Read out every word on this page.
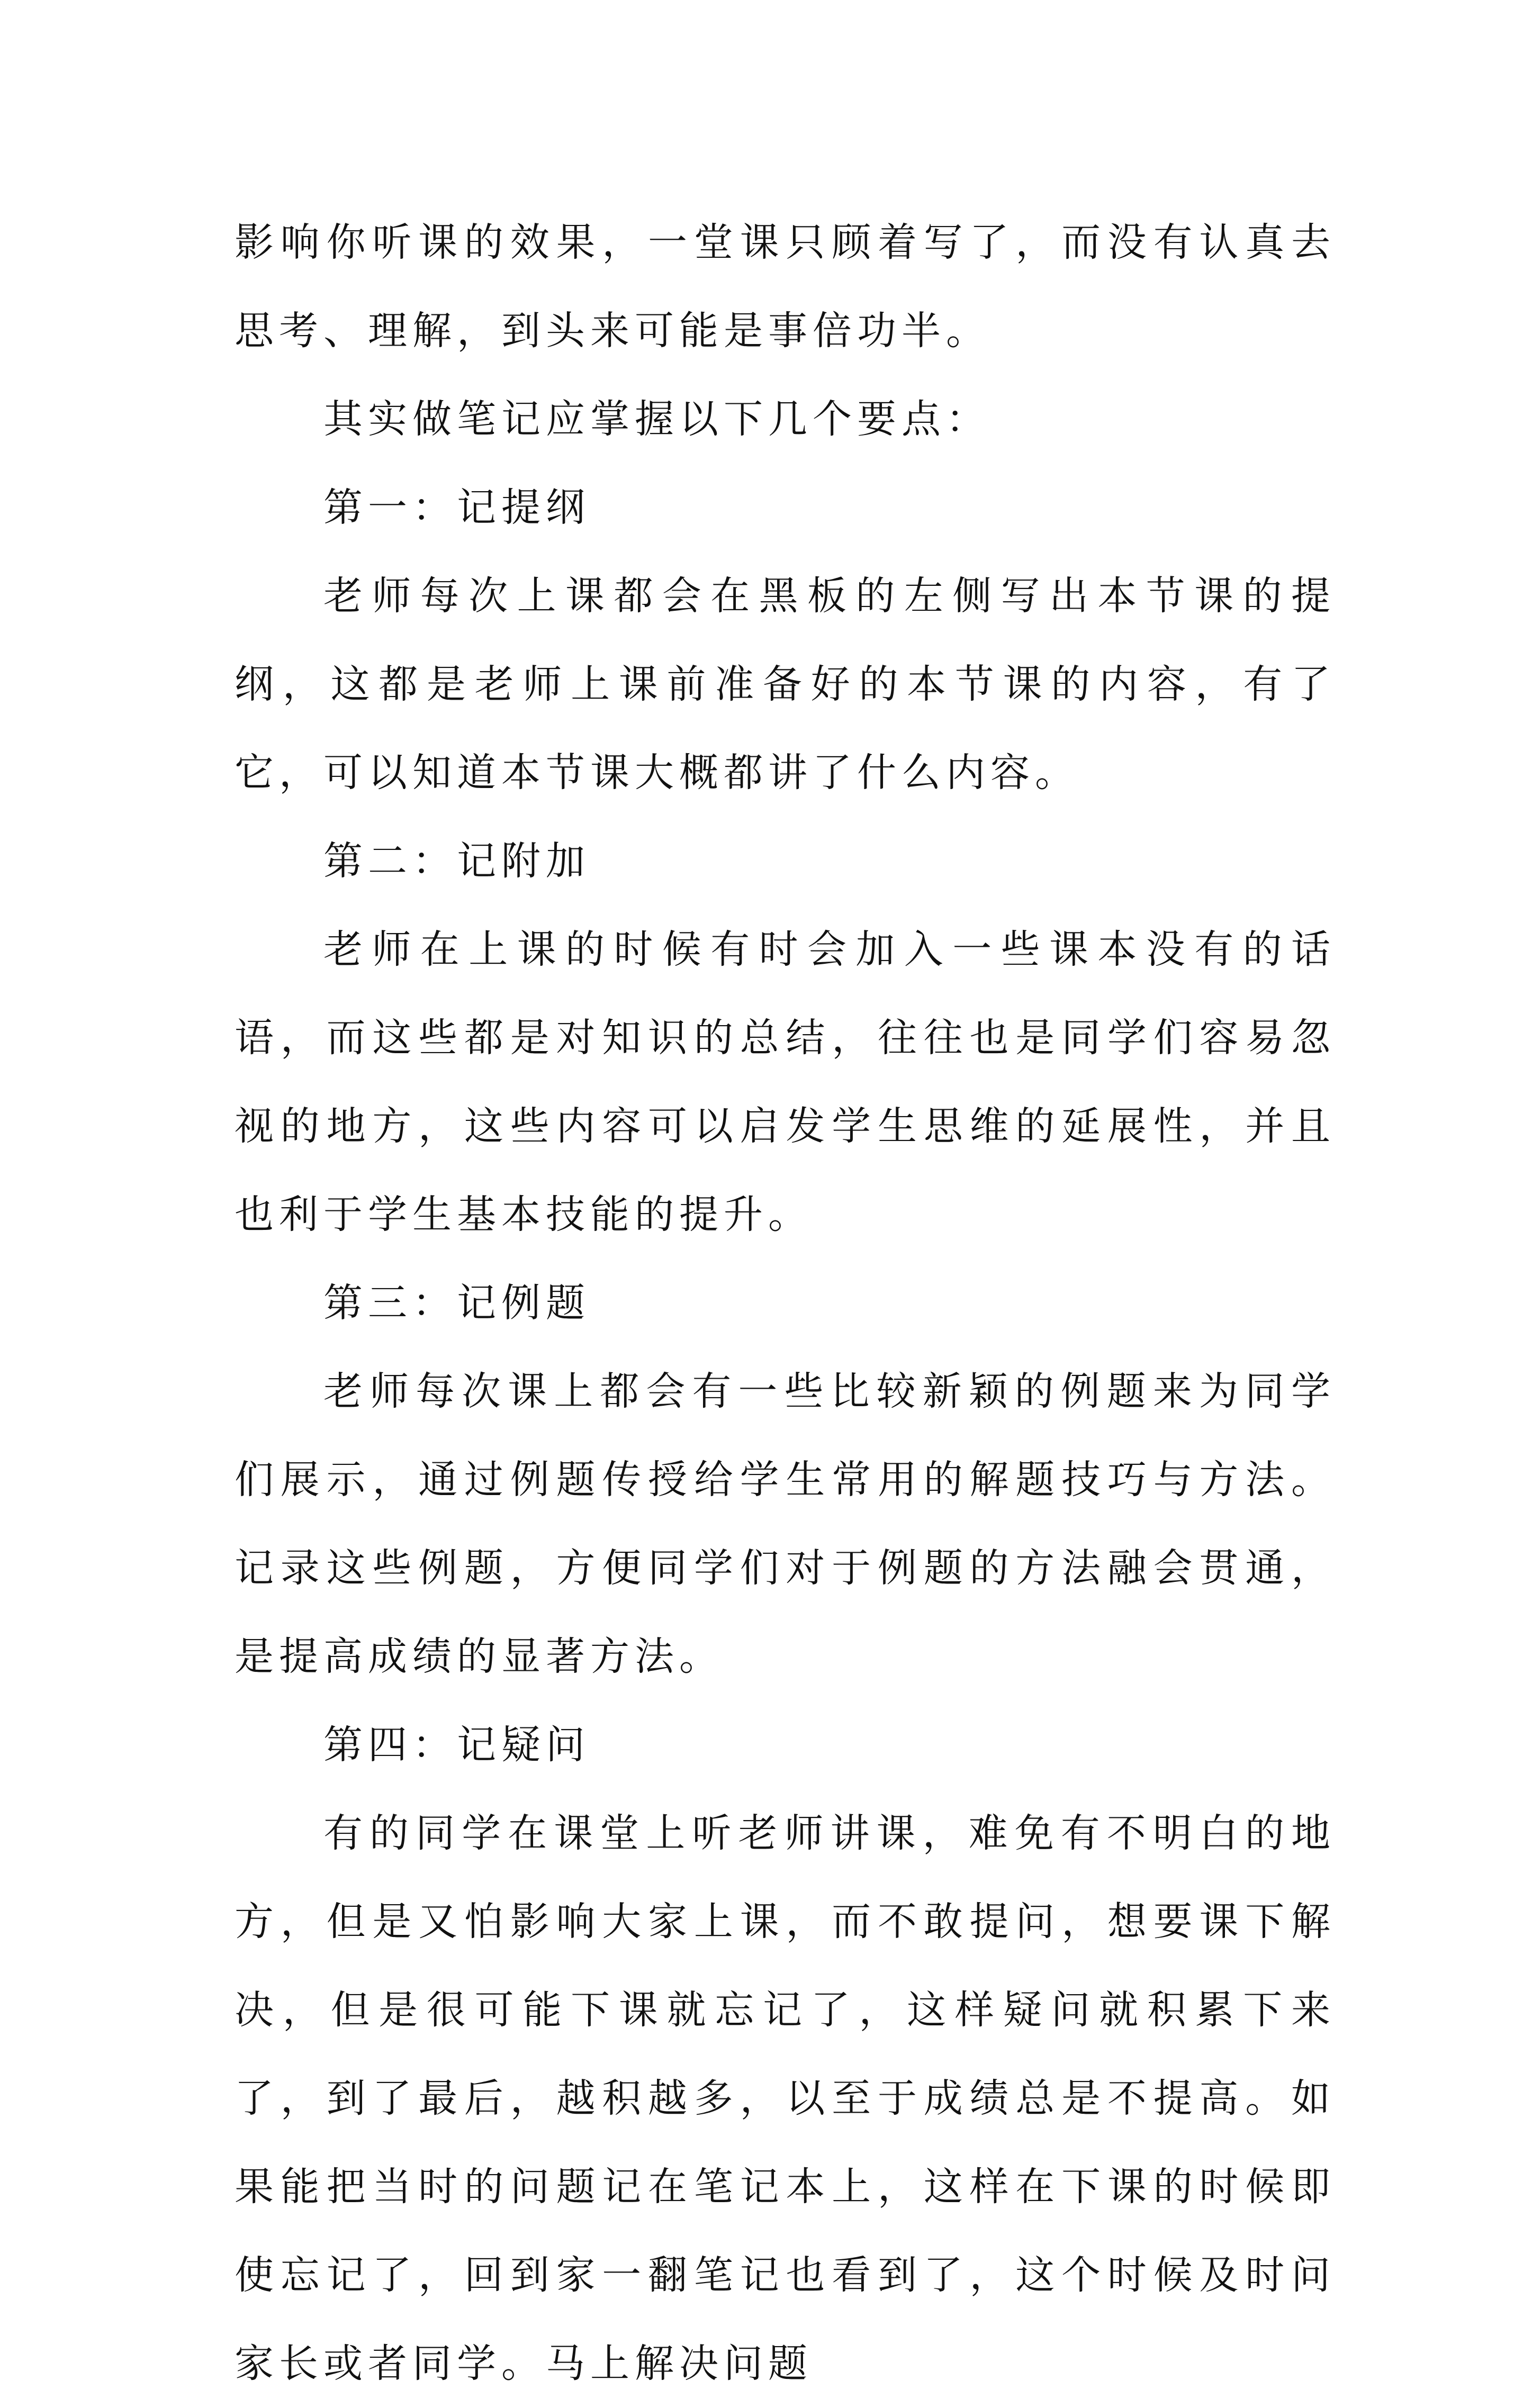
影响你听课的效果，一堂课只顾着写了，而没有认真去思考、理解，到头来可能是事倍功半。

其实做笔记应掌握以下几个要点：

第一：记提纲

老师每次上课都会在黑板的左侧写出本节课的提纲，这都是老师上课前准备好的本节课的内容，有了它，可以知道本节课大概都讲了什么内容。

第二：记附加

老师在上课的时候有时会加入一些课本没有的话语，而这些都是对知识的总结，往往也是同学们容易忽视的地方，这些内容可以启发学生思维的延展性，并且也利于学生基本技能的提升。

第三：记例题

老师每次课上都会有一些比较新颖的例题来为同学们展示，通过例题传授给学生常用的解题技巧与方法。记录这些例题，方便同学们对于例题的方法融会贯通，是提高成绩的显著方法。

第四：记疑问

有的同学在课堂上听老师讲课，难免有不明白的地方，但是又怕影响大家上课，而不敢提问，想要课下解决，但是很可能下课就忘记了，这样疑问就积累下来了，到了最后，越积越多，以至于成绩总是不提高。如果能把当时的问题记在笔记本上，这样在下课的时候即使忘记了，回到家一翻笔记也看到了，这个时候及时问家长或者同学。马上解决问题
